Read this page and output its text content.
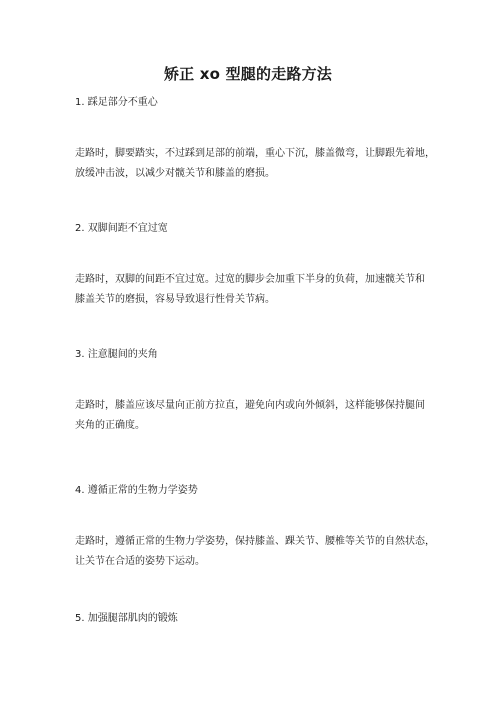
矫正 xo 型腿的走路方法
1. 踩足部分不重心
走路时，脚要踏实，不过踩到足部的前端，重心下沉，膝盖微弯，让脚跟先着地，
放缓冲击波，以减少对髋关节和膝盖的磨损。
2. 双脚间距不宜过宽
走路时，双脚的间距不宜过宽。过宽的脚步会加重下半身的负荷，加速髋关节和
膝盖关节的磨损，容易导致退行性骨关节病。
3. 注意腿间的夹角
走路时，膝盖应该尽量向正前方拉直，避免向内或向外倾斜，这样能够保持腿间
夹角的正确度。
4. 遵循正常的生物力学姿势
走路时，遵循正常的生物力学姿势，保持膝盖、踝关节、腰椎等关节的自然状态，
让关节在合适的姿势下运动。
5. 加强腿部肌肉的锻炼
